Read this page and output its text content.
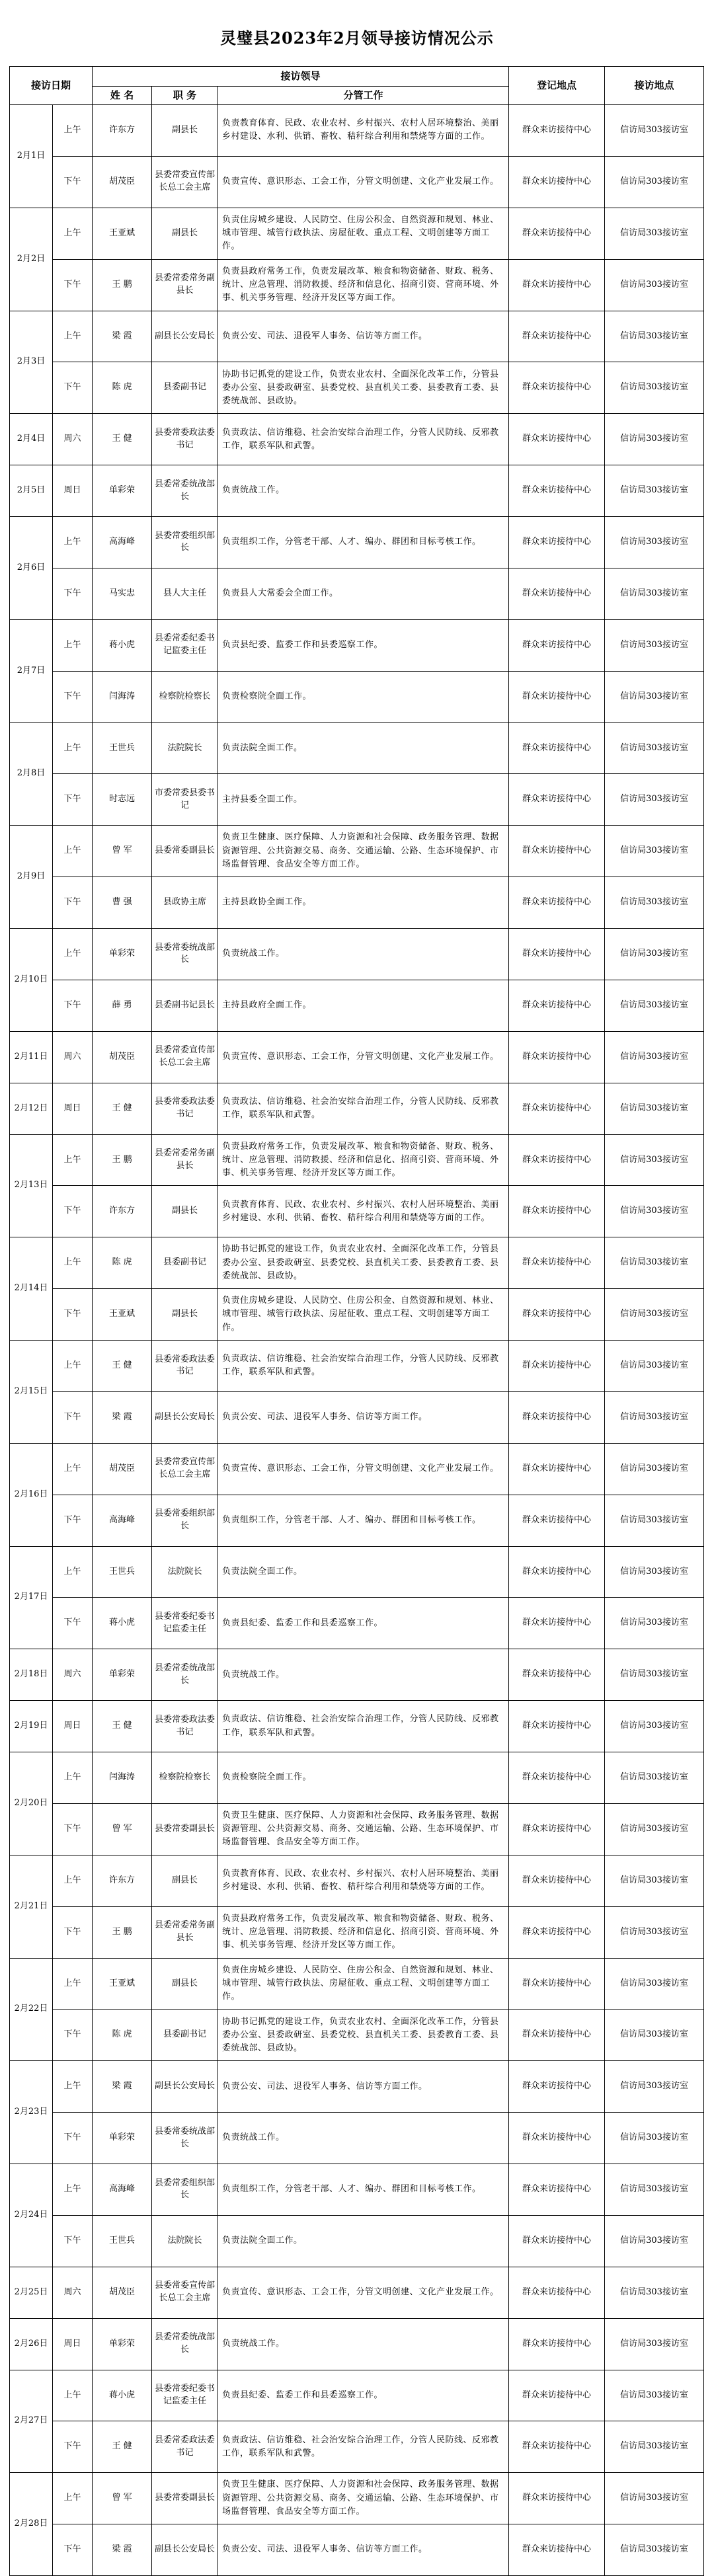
灵璧县2023年2月领导接访情况公示
接访日期		接访领导			登记地点	接访地点
		姓 名	职 务	分管工作		
2月1日	上午	许东方	副县长	负责教育体育、民政、农业农村、乡村振兴、农村人居环境整治、美丽乡村建设、水利、供销、畜牧、秸秆综合利用和禁烧等方面的工作。	群众来访接待中心	信访局303接访室
	下午	胡茂臣	县委常委宣传部长总工会主席	负责宣传、意识形态、工会工作，分管文明创建、文化产业发展工作。	群众来访接待中心	信访局303接访室
2月2日	上午	王亚斌	副县长	负责住房城乡建设、人民防空、住房公积金、自然资源和规划、林业、城市管理、城管行政执法、房屋征收、重点工程、文明创建等方面工作。	群众来访接待中心	信访局303接访室
	下午	王 鹏	县委常委常务副县长	负责县政府常务工作，负责发展改革、粮食和物资储备、财政、税务、统计、应急管理、消防救援、经济和信息化、招商引资、营商环境、外事、机关事务管理、经济开发区等方面工作。	群众来访接待中心	信访局303接访室
2月3日	上午	梁 霞	副县长公安局长	负责公安、司法、退役军人事务、信访等方面工作。	群众来访接待中心	信访局303接访室
	下午	陈 虎	县委副书记	协助书记抓党的建设工作，负责农业农村、全面深化改革工作，分管县委办公室、县委政研室、县委党校、县直机关工委、县委教育工委、县委统战部、县政协。	群众来访接待中心	信访局303接访室
2月4日	周六	王 健	县委常委政法委书记	负责政法、信访维稳、社会治安综合治理工作，分管人民防线、反邪教工作，联系军队和武警。	群众来访接待中心	信访局303接访室
2月5日	周日	单彩荣	县委常委统战部长	负责统战工作。	群众来访接待中心	信访局303接访室
2月6日	上午	高海峰	县委常委组织部长	负责组织工作，分管老干部、人才、编办、群团和目标考核工作。	群众来访接待中心	信访局303接访室
	下午	马实忠	县人大主任	负责县人大常委会全面工作。	群众来访接待中心	信访局303接访室
2月7日	上午	蒋小虎	县委常委纪委书记监委主任	负责县纪委、监委工作和县委巡察工作。	群众来访接待中心	信访局303接访室
	下午	闫海涛	检察院检察长	负责检察院全面工作。	群众来访接待中心	信访局303接访室
2月8日	上午	王世兵	法院院长	负责法院全面工作。	群众来访接待中心	信访局303接访室
	下午	时志远	市委常委县委书记	主持县委全面工作。	群众来访接待中心	信访局303接访室
2月9日	上午	曾 军	县委常委副县长	负责卫生健康、医疗保障、人力资源和社会保障、政务服务管理、数据资源管理、公共资源交易、商务、交通运输、公路、生态环境保护、市场监督管理、食品安全等方面工作。	群众来访接待中心	信访局303接访室
	下午	曹 强	县政协主席	主持县政协全面工作。	群众来访接待中心	信访局303接访室
2月10日	上午	单彩荣	县委常委统战部长	负责统战工作。	群众来访接待中心	信访局303接访室
	下午	薛 勇	县委副书记县长	主持县政府全面工作。	群众来访接待中心	信访局303接访室
2月11日	周六	胡茂臣	县委常委宣传部长总工会主席	负责宣传、意识形态、工会工作，分管文明创建、文化产业发展工作。	群众来访接待中心	信访局303接访室
2月12日	周日	王 健	县委常委政法委书记	负责政法、信访维稳、社会治安综合治理工作，分管人民防线、反邪教工作，联系军队和武警。	群众来访接待中心	信访局303接访室
2月13日	上午	王 鹏	县委常委常务副县长	负责县政府常务工作，负责发展改革、粮食和物资储备、财政、税务、统计、应急管理、消防救援、经济和信息化、招商引资、营商环境、外事、机关事务管理、经济开发区等方面工作。	群众来访接待中心	信访局303接访室
	下午	许东方	副县长	负责教育体育、民政、农业农村、乡村振兴、农村人居环境整治、美丽乡村建设、水利、供销、畜牧、秸秆综合利用和禁烧等方面的工作。	群众来访接待中心	信访局303接访室
2月14日	上午	陈 虎	县委副书记	协助书记抓党的建设工作，负责农业农村、全面深化改革工作，分管县委办公室、县委政研室、县委党校、县直机关工委、县委教育工委、县委统战部、县政协。	群众来访接待中心	信访局303接访室
	下午	王亚斌	副县长	负责住房城乡建设、人民防空、住房公积金、自然资源和规划、林业、城市管理、城管行政执法、房屋征收、重点工程、文明创建等方面工作。	群众来访接待中心	信访局303接访室
2月15日	上午	王 健	县委常委政法委书记	负责政法、信访维稳、社会治安综合治理工作，分管人民防线、反邪教工作，联系军队和武警。	群众来访接待中心	信访局303接访室
	下午	梁 霞	副县长公安局长	负责公安、司法、退役军人事务、信访等方面工作。	群众来访接待中心	信访局303接访室
2月16日	上午	胡茂臣	县委常委宣传部长总工会主席	负责宣传、意识形态、工会工作，分管文明创建、文化产业发展工作。	群众来访接待中心	信访局303接访室
	下午	高海峰	县委常委组织部长	负责组织工作，分管老干部、人才、编办、群团和目标考核工作。	群众来访接待中心	信访局303接访室
2月17日	上午	王世兵	法院院长	负责法院全面工作。	群众来访接待中心	信访局303接访室
	下午	蒋小虎	县委常委纪委书记监委主任	负责县纪委、监委工作和县委巡察工作。	群众来访接待中心	信访局303接访室
2月18日	周六	单彩荣	县委常委统战部长	负责统战工作。	群众来访接待中心	信访局303接访室
2月19日	周日	王 健	县委常委政法委书记	负责政法、信访维稳、社会治安综合治理工作，分管人民防线、反邪教工作，联系军队和武警。	群众来访接待中心	信访局303接访室
2月20日	上午	闫海涛	检察院检察长	负责检察院全面工作。	群众来访接待中心	信访局303接访室
	下午	曾 军	县委常委副县长	负责卫生健康、医疗保障、人力资源和社会保障、政务服务管理、数据资源管理、公共资源交易、商务、交通运输、公路、生态环境保护、市场监督管理、食品安全等方面工作。	群众来访接待中心	信访局303接访室
2月21日	上午	许东方	副县长	负责教育体育、民政、农业农村、乡村振兴、农村人居环境整治、美丽乡村建设、水利、供销、畜牧、秸秆综合利用和禁烧等方面的工作。	群众来访接待中心	信访局303接访室
	下午	王 鹏	县委常委常务副县长	负责县政府常务工作，负责发展改革、粮食和物资储备、财政、税务、统计、应急管理、消防救援、经济和信息化、招商引资、营商环境、外事、机关事务管理、经济开发区等方面工作。	群众来访接待中心	信访局303接访室
2月22日	上午	王亚斌	副县长	负责住房城乡建设、人民防空、住房公积金、自然资源和规划、林业、城市管理、城管行政执法、房屋征收、重点工程、文明创建等方面工作。	群众来访接待中心	信访局303接访室
	下午	陈 虎	县委副书记	协助书记抓党的建设工作，负责农业农村、全面深化改革工作，分管县委办公室、县委政研室、县委党校、县直机关工委、县委教育工委、县委统战部、县政协。	群众来访接待中心	信访局303接访室
2月23日	上午	梁 霞	副县长公安局长	负责公安、司法、退役军人事务、信访等方面工作。	群众来访接待中心	信访局303接访室
	下午	单彩荣	县委常委统战部长	负责统战工作。	群众来访接待中心	信访局303接访室
2月24日	上午	高海峰	县委常委组织部长	负责组织工作，分管老干部、人才、编办、群团和目标考核工作。	群众来访接待中心	信访局303接访室
	下午	王世兵	法院院长	负责法院全面工作。	群众来访接待中心	信访局303接访室
2月25日	周六	胡茂臣	县委常委宣传部长总工会主席	负责宣传、意识形态、工会工作，分管文明创建、文化产业发展工作。	群众来访接待中心	信访局303接访室
2月26日	周日	单彩荣	县委常委统战部长	负责统战工作。	群众来访接待中心	信访局303接访室
2月27日	上午	蒋小虎	县委常委纪委书记监委主任	负责县纪委、监委工作和县委巡察工作。	群众来访接待中心	信访局303接访室
	下午	王 健	县委常委政法委书记	负责政法、信访维稳、社会治安综合治理工作，分管人民防线、反邪教工作，联系军队和武警。	群众来访接待中心	信访局303接访室
2月28日	上午	曾 军	县委常委副县长	负责卫生健康、医疗保障、人力资源和社会保障、政务服务管理、数据资源管理、公共资源交易、商务、交通运输、公路、生态环境保护、市场监督管理、食品安全等方面工作。	群众来访接待中心	信访局303接访室
	下午	梁 霞	副县长公安局长	负责公安、司法、退役军人事务、信访等方面工作。	群众来访接待中心	信访局303接访室
